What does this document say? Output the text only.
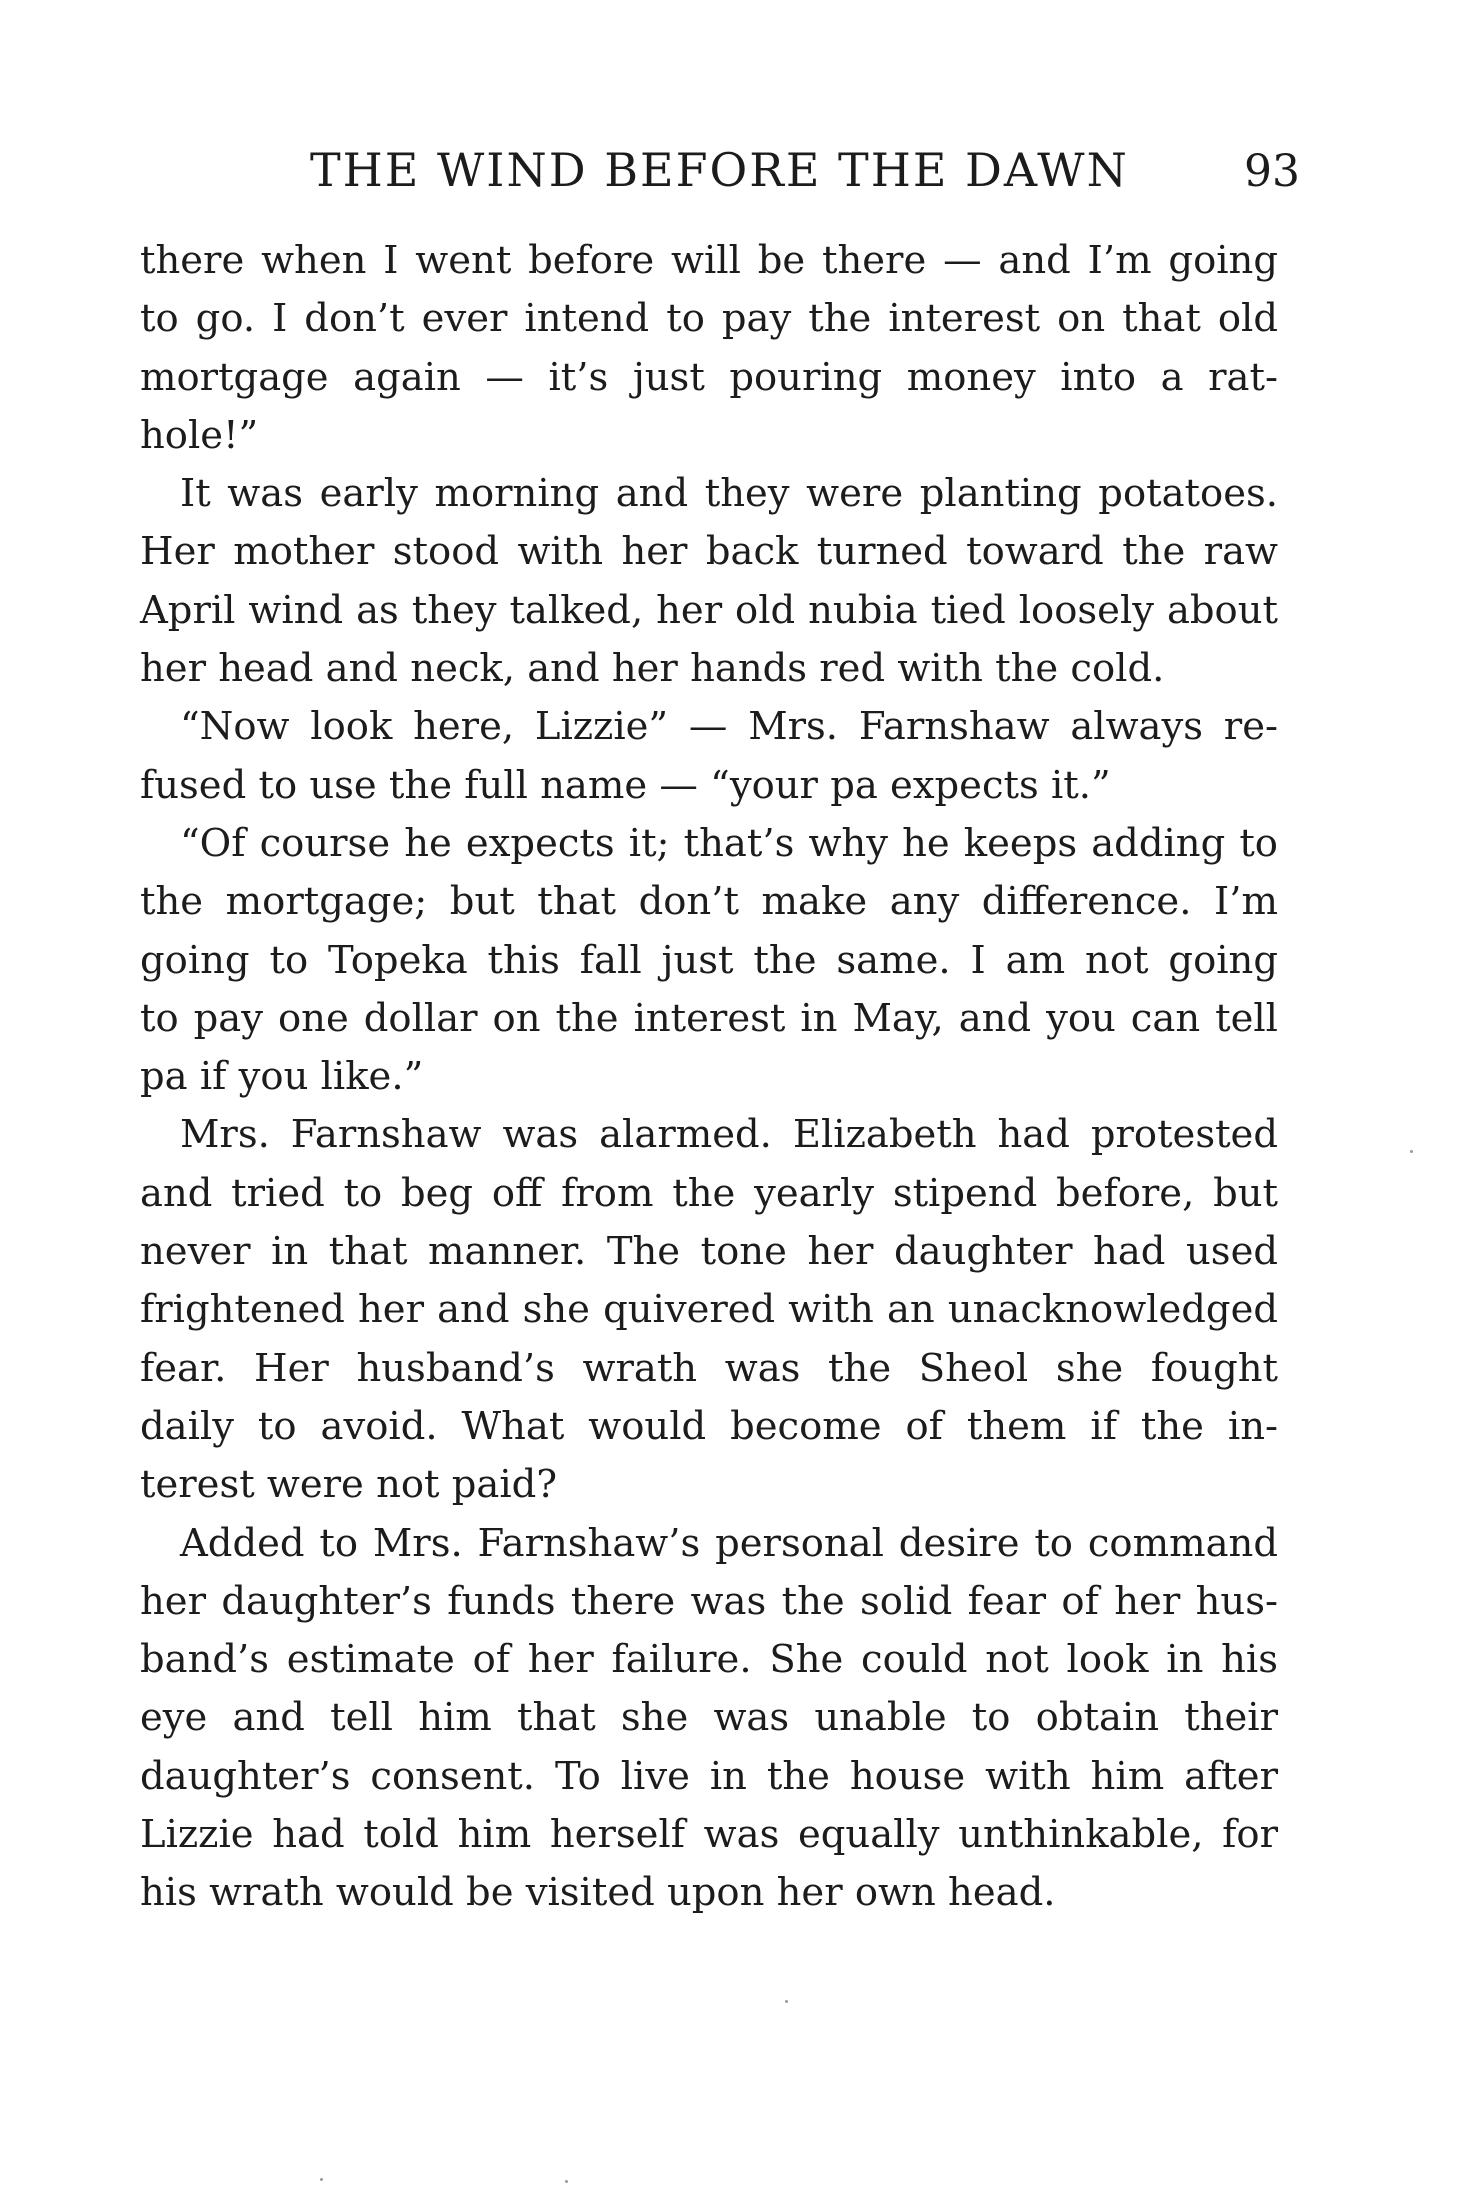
THE WIND BEFORE THE DAWN	93
there when I went before will be there — and I’m going
to go. I don’t ever intend to pay the interest on that old
mortgage again — it’s just pouring money into a rat-
hole!”
It was early morning and they were planting potatoes.
Her mother stood with her back turned toward the raw
April wind as they talked, her old nubia tied loosely about
her head and neck, and her hands red with the cold.
“Now look here, Lizzie” — Mrs. Farnshaw always re-
fused to use the full name — “your pa expects it.”
“Of course he expects it; that’s why he keeps adding to
the mortgage; but that don’t make any difference. I’m
going to Topeka this fall just the same. I am not going
to pay one dollar on the interest in May, and you can tell
pa if you like.”
Mrs. Farnshaw was alarmed. Elizabeth had protested
and tried to beg off from the yearly stipend before, but
never in that manner. The tone her daughter had used
frightened her and she quivered with an unacknowledged
fear. Her husband’s wrath was the Sheol she fought
daily to avoid. What would become of them if the in-
terest were not paid?
Added to Mrs. Farnshaw’s personal desire to command
her daughter’s funds there was the solid fear of her hus-
band’s estimate of her failure. She could not look in his
eye and tell him that she was unable to obtain their
daughter’s consent. To live in the house with him after
Lizzie had told him herself was equally unthinkable, for
his wrath would be visited upon her own head.
